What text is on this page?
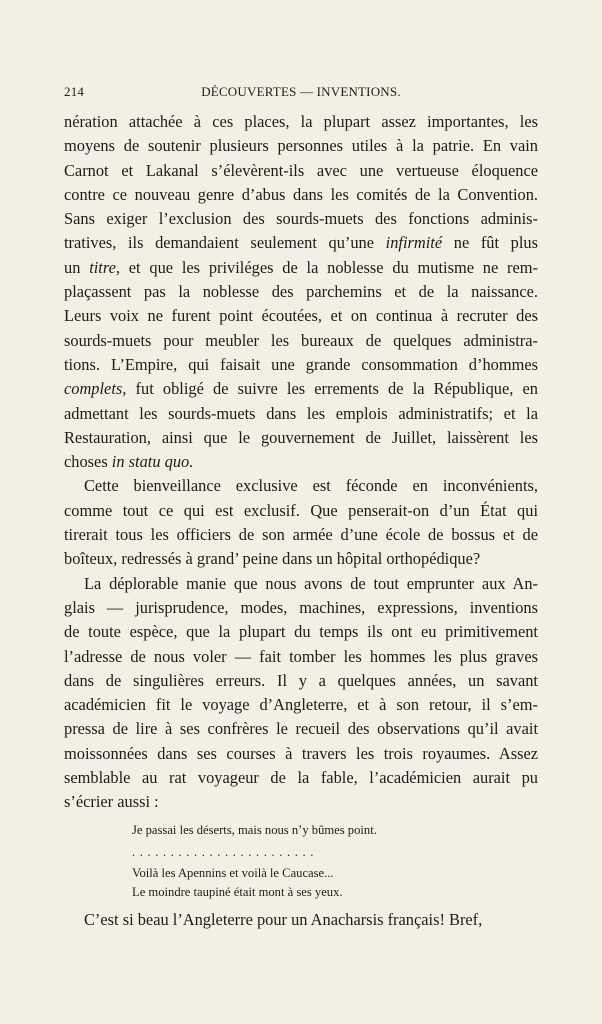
214	DÉCOUVERTES — INVENTIONS.
nération attachée à ces places, la plupart assez importantes, les
moyens de soutenir plusieurs personnes utiles à la patrie. En vain
Carnot et Lakanal s’élevèrent-ils avec une vertueuse éloquence
contre ce nouveau genre d’abus dans les comités de la Convention.
Sans exiger l’exclusion des sourds-muets des fonctions adminis-
tratives, ils demandaient seulement qu’une infirmité ne fût plus
un titre, et que les priviléges de la noblesse du mutisme ne rem-
plaçassent pas la noblesse des parchemins et de la naissance.
Leurs voix ne furent point écoutées, et on continua à recruter des
sourds-muets pour meubler les bureaux de quelques administra-
tions. L’Empire, qui faisait une grande consommation d’hommes
complets, fut obligé de suivre les errements de la République, en
admettant les sourds-muets dans les emplois administratifs; et la
Restauration, ainsi que le gouvernement de Juillet, laissèrent les
choses in statu quo.
Cette bienveillance exclusive est féconde en inconvénients,
comme tout ce qui est exclusif. Que penserait-on d’un État qui
tirerait tous les officiers de son armée d’une école de bossus et de
boîteux, redressés à grand’ peine dans un hôpital orthopédique?
La déplorable manie que nous avons de tout emprunter aux An-
glais — jurisprudence, modes, machines, expressions, inventions
de toute espèce, que la plupart du temps ils ont eu primitivement
l’adresse de nous voler — fait tomber les hommes les plus graves
dans de singulières erreurs. Il y a quelques années, un savant
académicien fit le voyage d’Angleterre, et à son retour, il s’em-
pressa de lire à ses confrères le recueil des observations qu’il avait
moissonnées dans ses courses à travers les trois royaumes. Assez
semblable au rat voyageur de la fable, l’académicien aurait pu
s’écrier aussi :
Je passai les déserts, mais nous n’y bûmes point.
........................
Voilà les Apennins et voilà le Caucase...
Le moindre taupiné était mont à ses yeux.
C’est si beau l’Angleterre pour un Anacharsis français! Bref,
